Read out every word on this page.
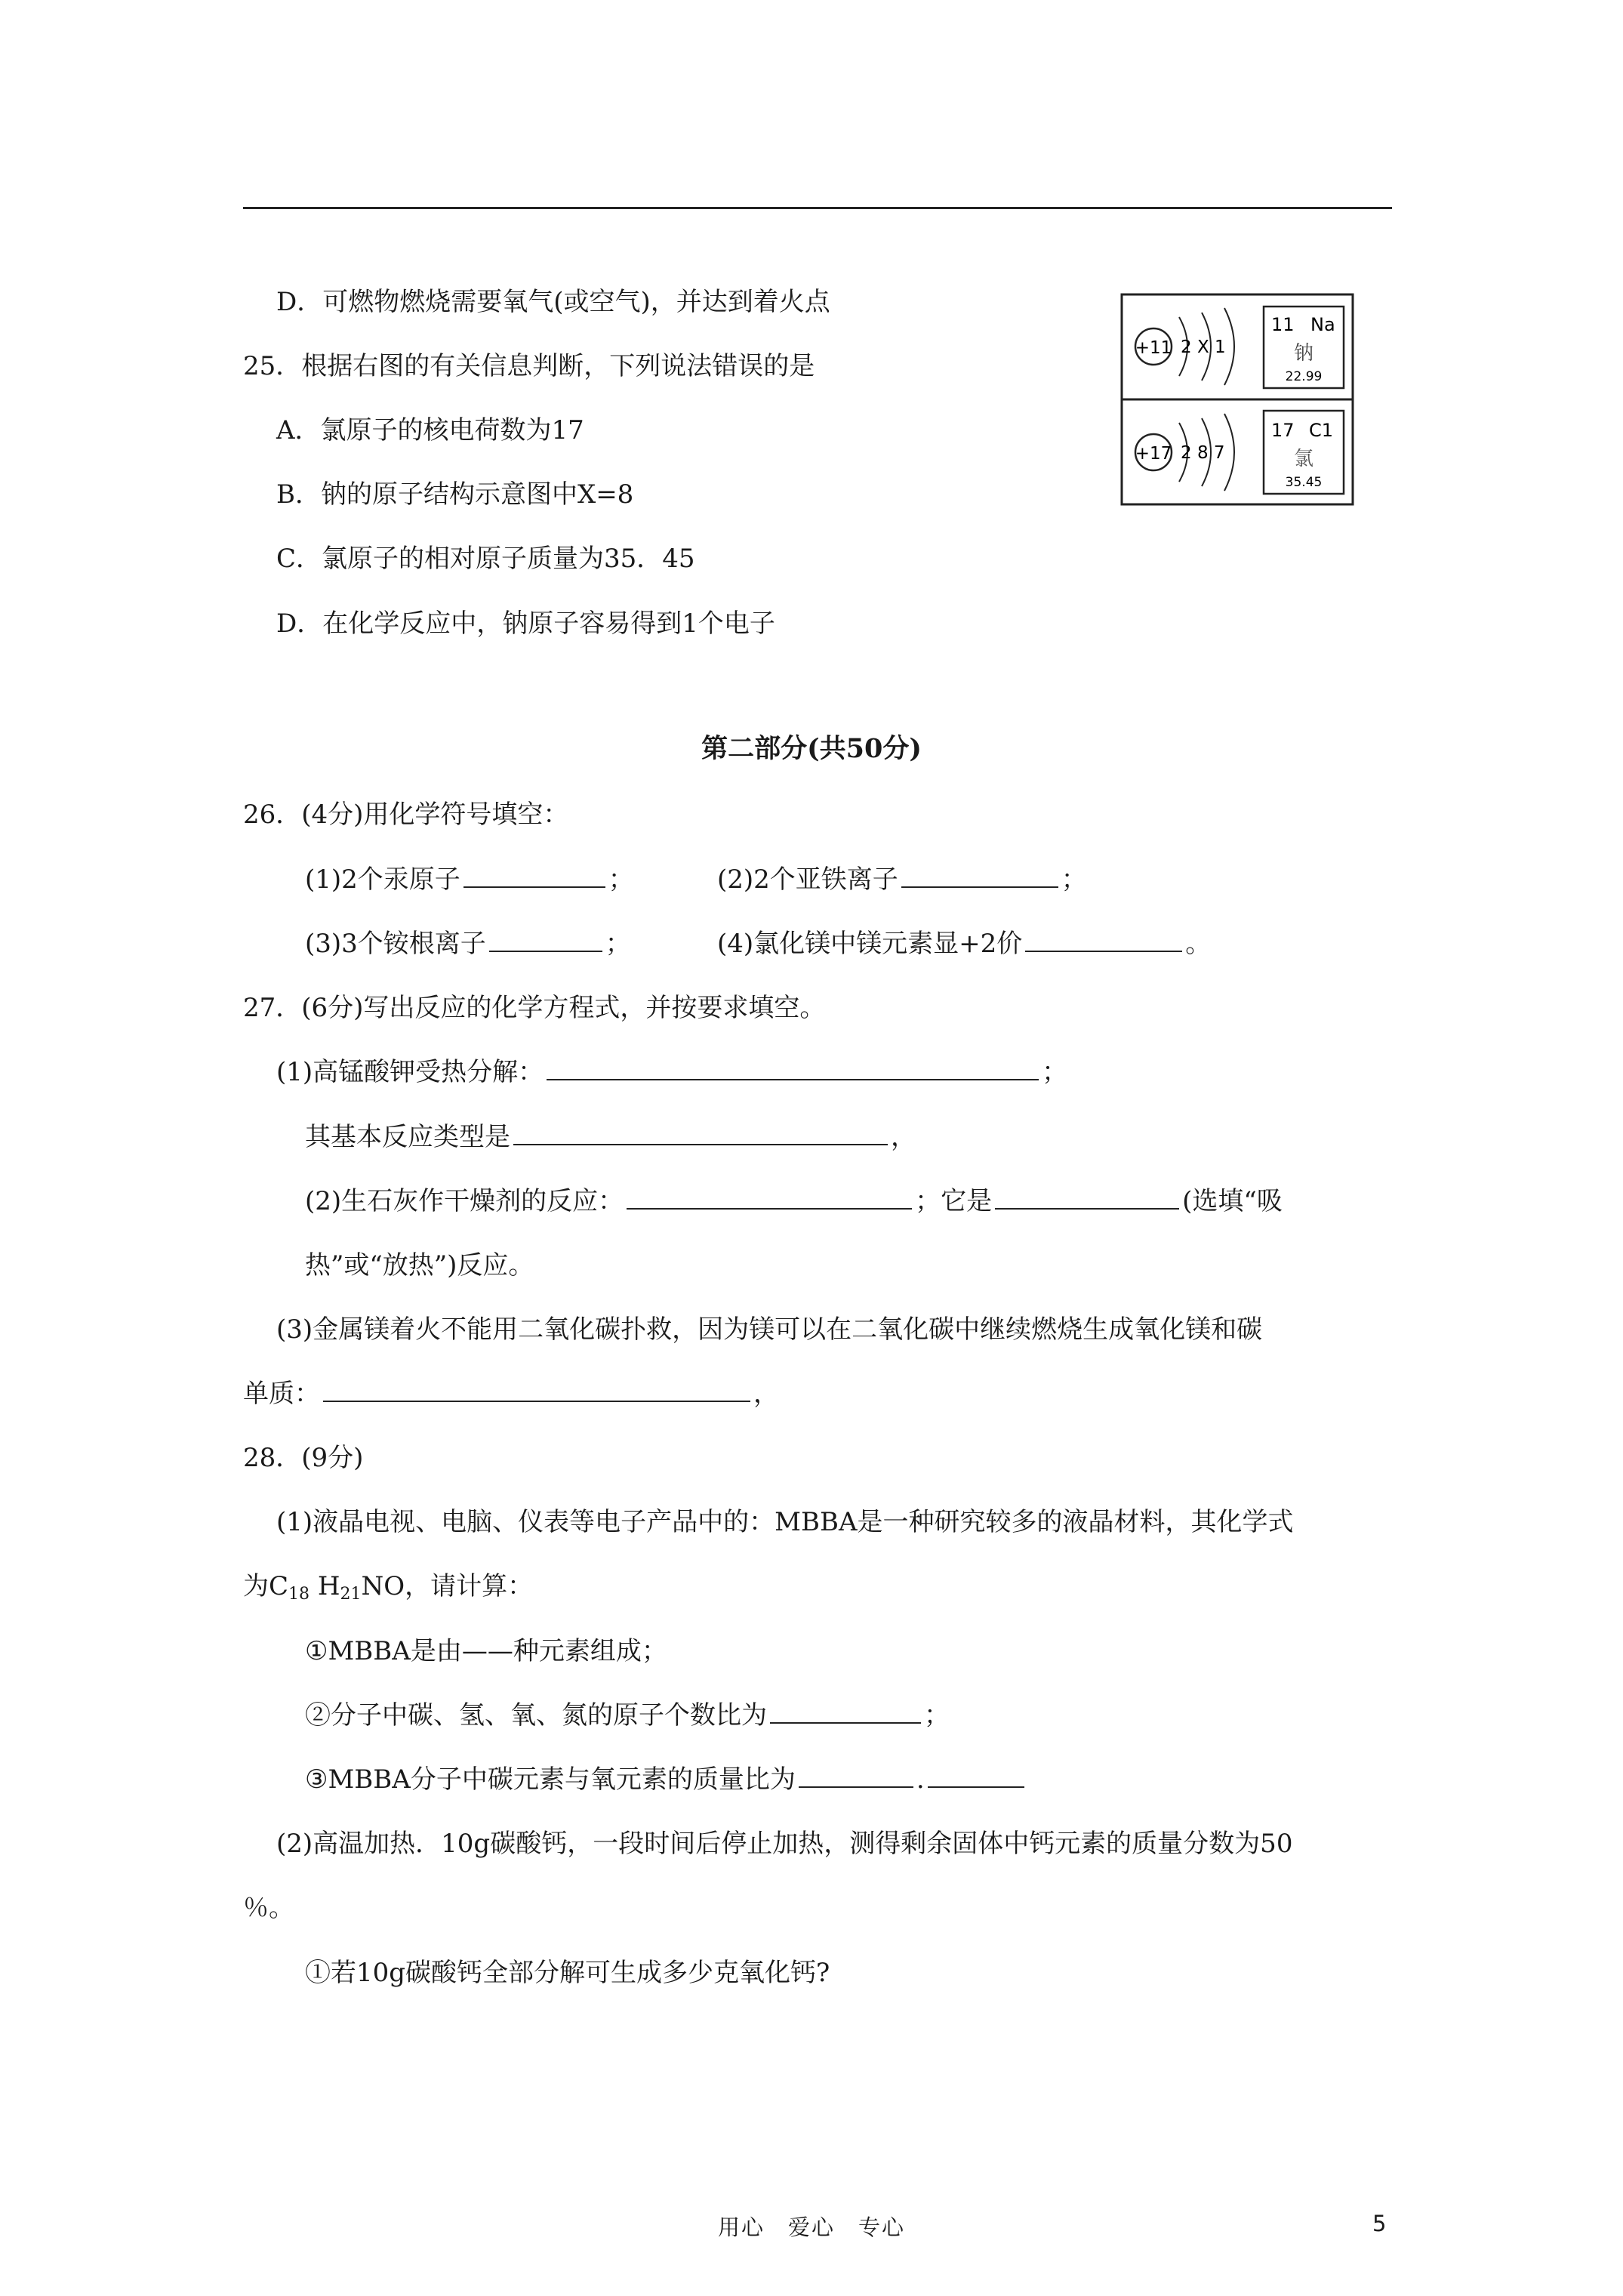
D．可燃物燃烧需要氧气(或空气)，并达到着火点
25．根据右图的有关信息判断，下列说法错误的是
A．氯原子的核电荷数为17
B．钠的原子结构示意图中X=8
C．氯原子的相对原子质量为35．45
D．在化学反应中，钠原子容易得到1个电子
+11 2 X 1
11 Na
钠
22.99
+17 2 8 7
17 C1
氯
35.45
第二部分(共50分)
26．(4分)用化学符号填空：
(1)2个汞原子	；	(2)2个亚铁离子	；
(3)3个铵根离子	；	(4)氯化镁中镁元素显+2价	。
27．(6分)写出反应的化学方程式，并按要求填空。
(1)高锰酸钾受热分解：	；
其基本反应类型是	，
(2)生石灰作干燥剂的反应：	；它是	(选填“吸
热”或“放热”)反应。
(3)金属镁着火不能用二氧化碳扑救，因为镁可以在二氧化碳中继续燃烧生成氧化镁和碳
单质：	，
28．(9分)
(1)液晶电视、电脑、仪表等电子产品中的：MBBA是一种研究较多的液晶材料，其化学式
为$C_{18}$ $H_{21}NO$，请计算：
①MBBA是由——种元素组成；
②分子中碳、氢、氧、氮的原子个数比为	；
③MBBA分子中碳元素与氧元素的质量比为	.
(2)高温加热．10g碳酸钙，一段时间后停止加热，测得剩余固体中钙元素的质量分数为50
％。
①若10g碳酸钙全部分解可生成多少克氧化钙?
用心　爱心　专心	5
